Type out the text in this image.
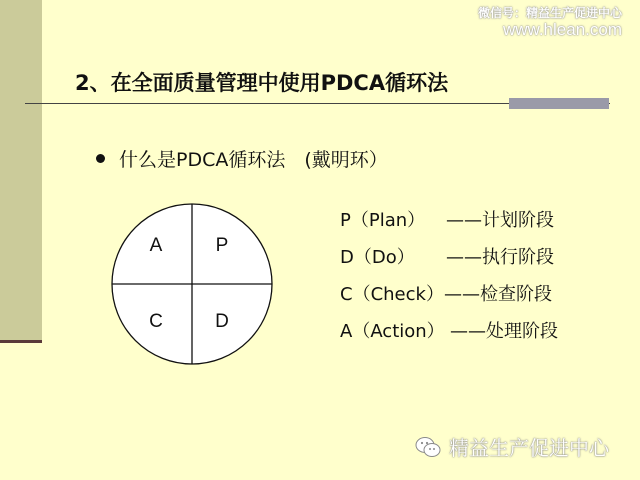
微信号：精益生产促进中心
www.hlean.com
2、在全面质量管理中使用PDCA循环法
什么是PDCA循环法　(戴明环）
A	P
C	D
P（Plan） ——计划阶段
D（Do） ——执行阶段
C（Check） ——检查阶段
A（Action） ——处理阶段
精益生产促进中心
